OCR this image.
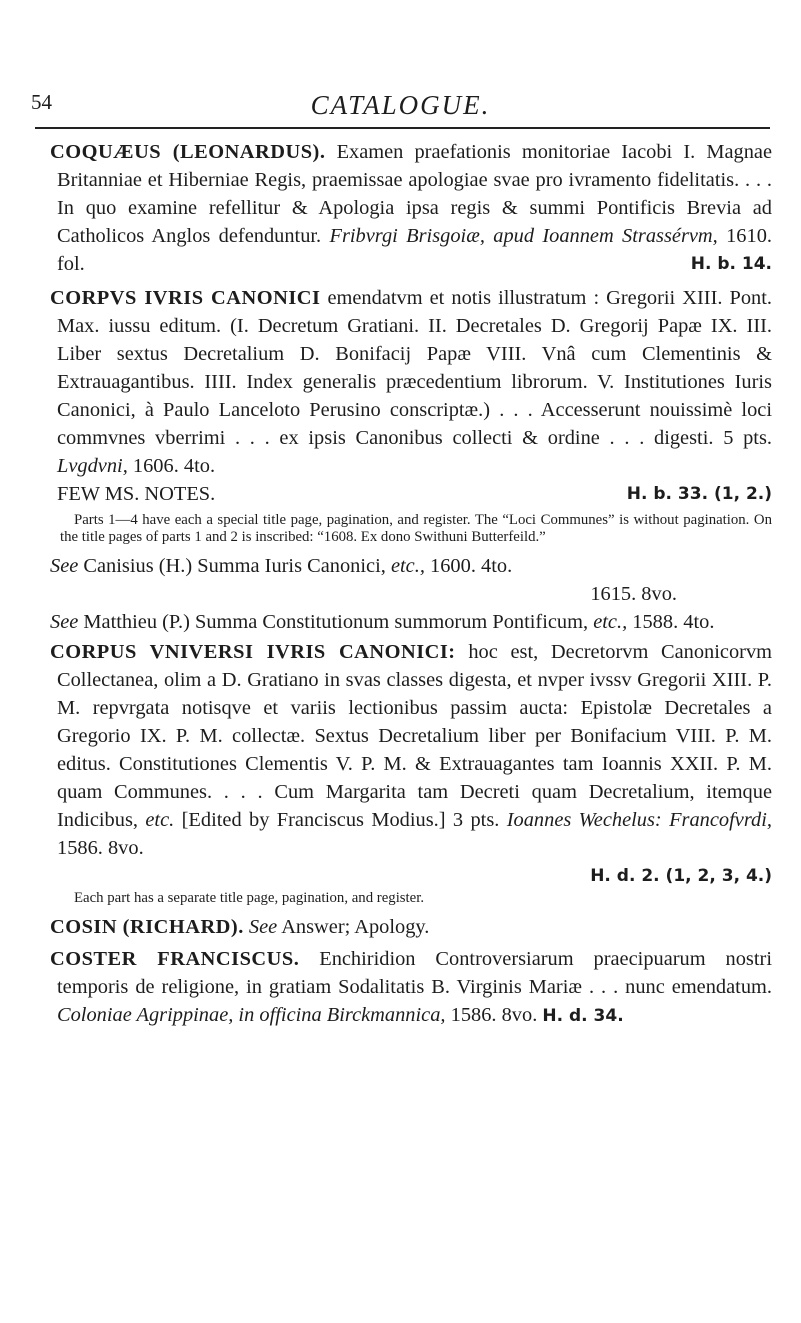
54	CATALOGUE.

COQUÆUS (LEONARDUS). Examen praefationis monitoriae Iacobi I. Magnae Britanniae et Hiberniae Regis, praemissae apologiae svae pro ivramento fidelitatis. . . . In quo examine refellitur & Apologia ipsa regis & summi Pontificis Brevia ad Catholicos Anglos defenduntur. Fribvrgi Brisgoiæ, apud Ioannem Strassérvm, 1610. fol.	H. b. 14.

CORPVS IVRIS CANONICI emendatvm et notis illustratum : Gregorii XIII. Pont. Max. iussu editum. (I. Decretum Gratiani. II. Decretales D. Gregorij Papæ IX. III. Liber sextus Decretalium D. Bonifacij Papæ VIII. Vnâ cum Clementinis & Extrauagantibus. IIII. Index generalis præcedentium librorum. V. Institutiones Iuris Canonici, à Paulo Lanceloto Perusino conscriptæ.) . . . Accesserunt nouissimè loci commvnes vberrimi . . . ex ipsis Canonibus collecti & ordine . . . digesti. 5 pts. Lvgdvni, 1606. 4to.
FEW MS. NOTES.	H. b. 33. (1, 2.)

Parts 1—4 have each a special title page, pagination, and register. The “Loci Communes” is without pagination. On the title pages of parts 1 and 2 is inscribed: “1608. Ex dono Swithuni Butterfeild.”

See Canisius (H.) Summa Iuris Canonici, etc., 1600. 4to.
1615. 8vo.
See Matthieu (P.) Summa Constitutionum summorum Pontificum, etc., 1588. 4to.

CORPUS VNIVERSI IVRIS CANONICI: hoc est, Decretorvm Canonicorvm Collectanea, olim a D. Gratiano in svas classes digesta, et nvper ivssv Gregorii XIII. P. M. repvrgata notisqve et variis lectionibus passim aucta: Epistolæ Decretales a Gregorio IX. P. M. collectæ. Sextus Decretalium liber per Bonifacium VIII. P. M. editus. Constitutiones Clementis V. P. M. & Extrauagantes tam Ioannis XXII. P. M. quam Communes. . . . Cum Margarita tam Decreti quam Decretalium, itemque Indicibus, etc. [Edited by Franciscus Modius.] 3 pts. Ioannes Wechelus: Francofvrdi, 1586. 8vo.
H. d. 2. (1, 2, 3, 4.)

Each part has a separate title page, pagination, and register.

COSIN (RICHARD). See Answer; Apology.

COSTER FRANCISCUS. Enchiridion Controversiarum praecipuarum nostri temporis de religione, in gratiam Sodalitatis B. Virginis Mariæ . . . nunc emendatum. Coloniae Agrippinae, in officina Birckmannica, 1586. 8vo. H. d. 34.
